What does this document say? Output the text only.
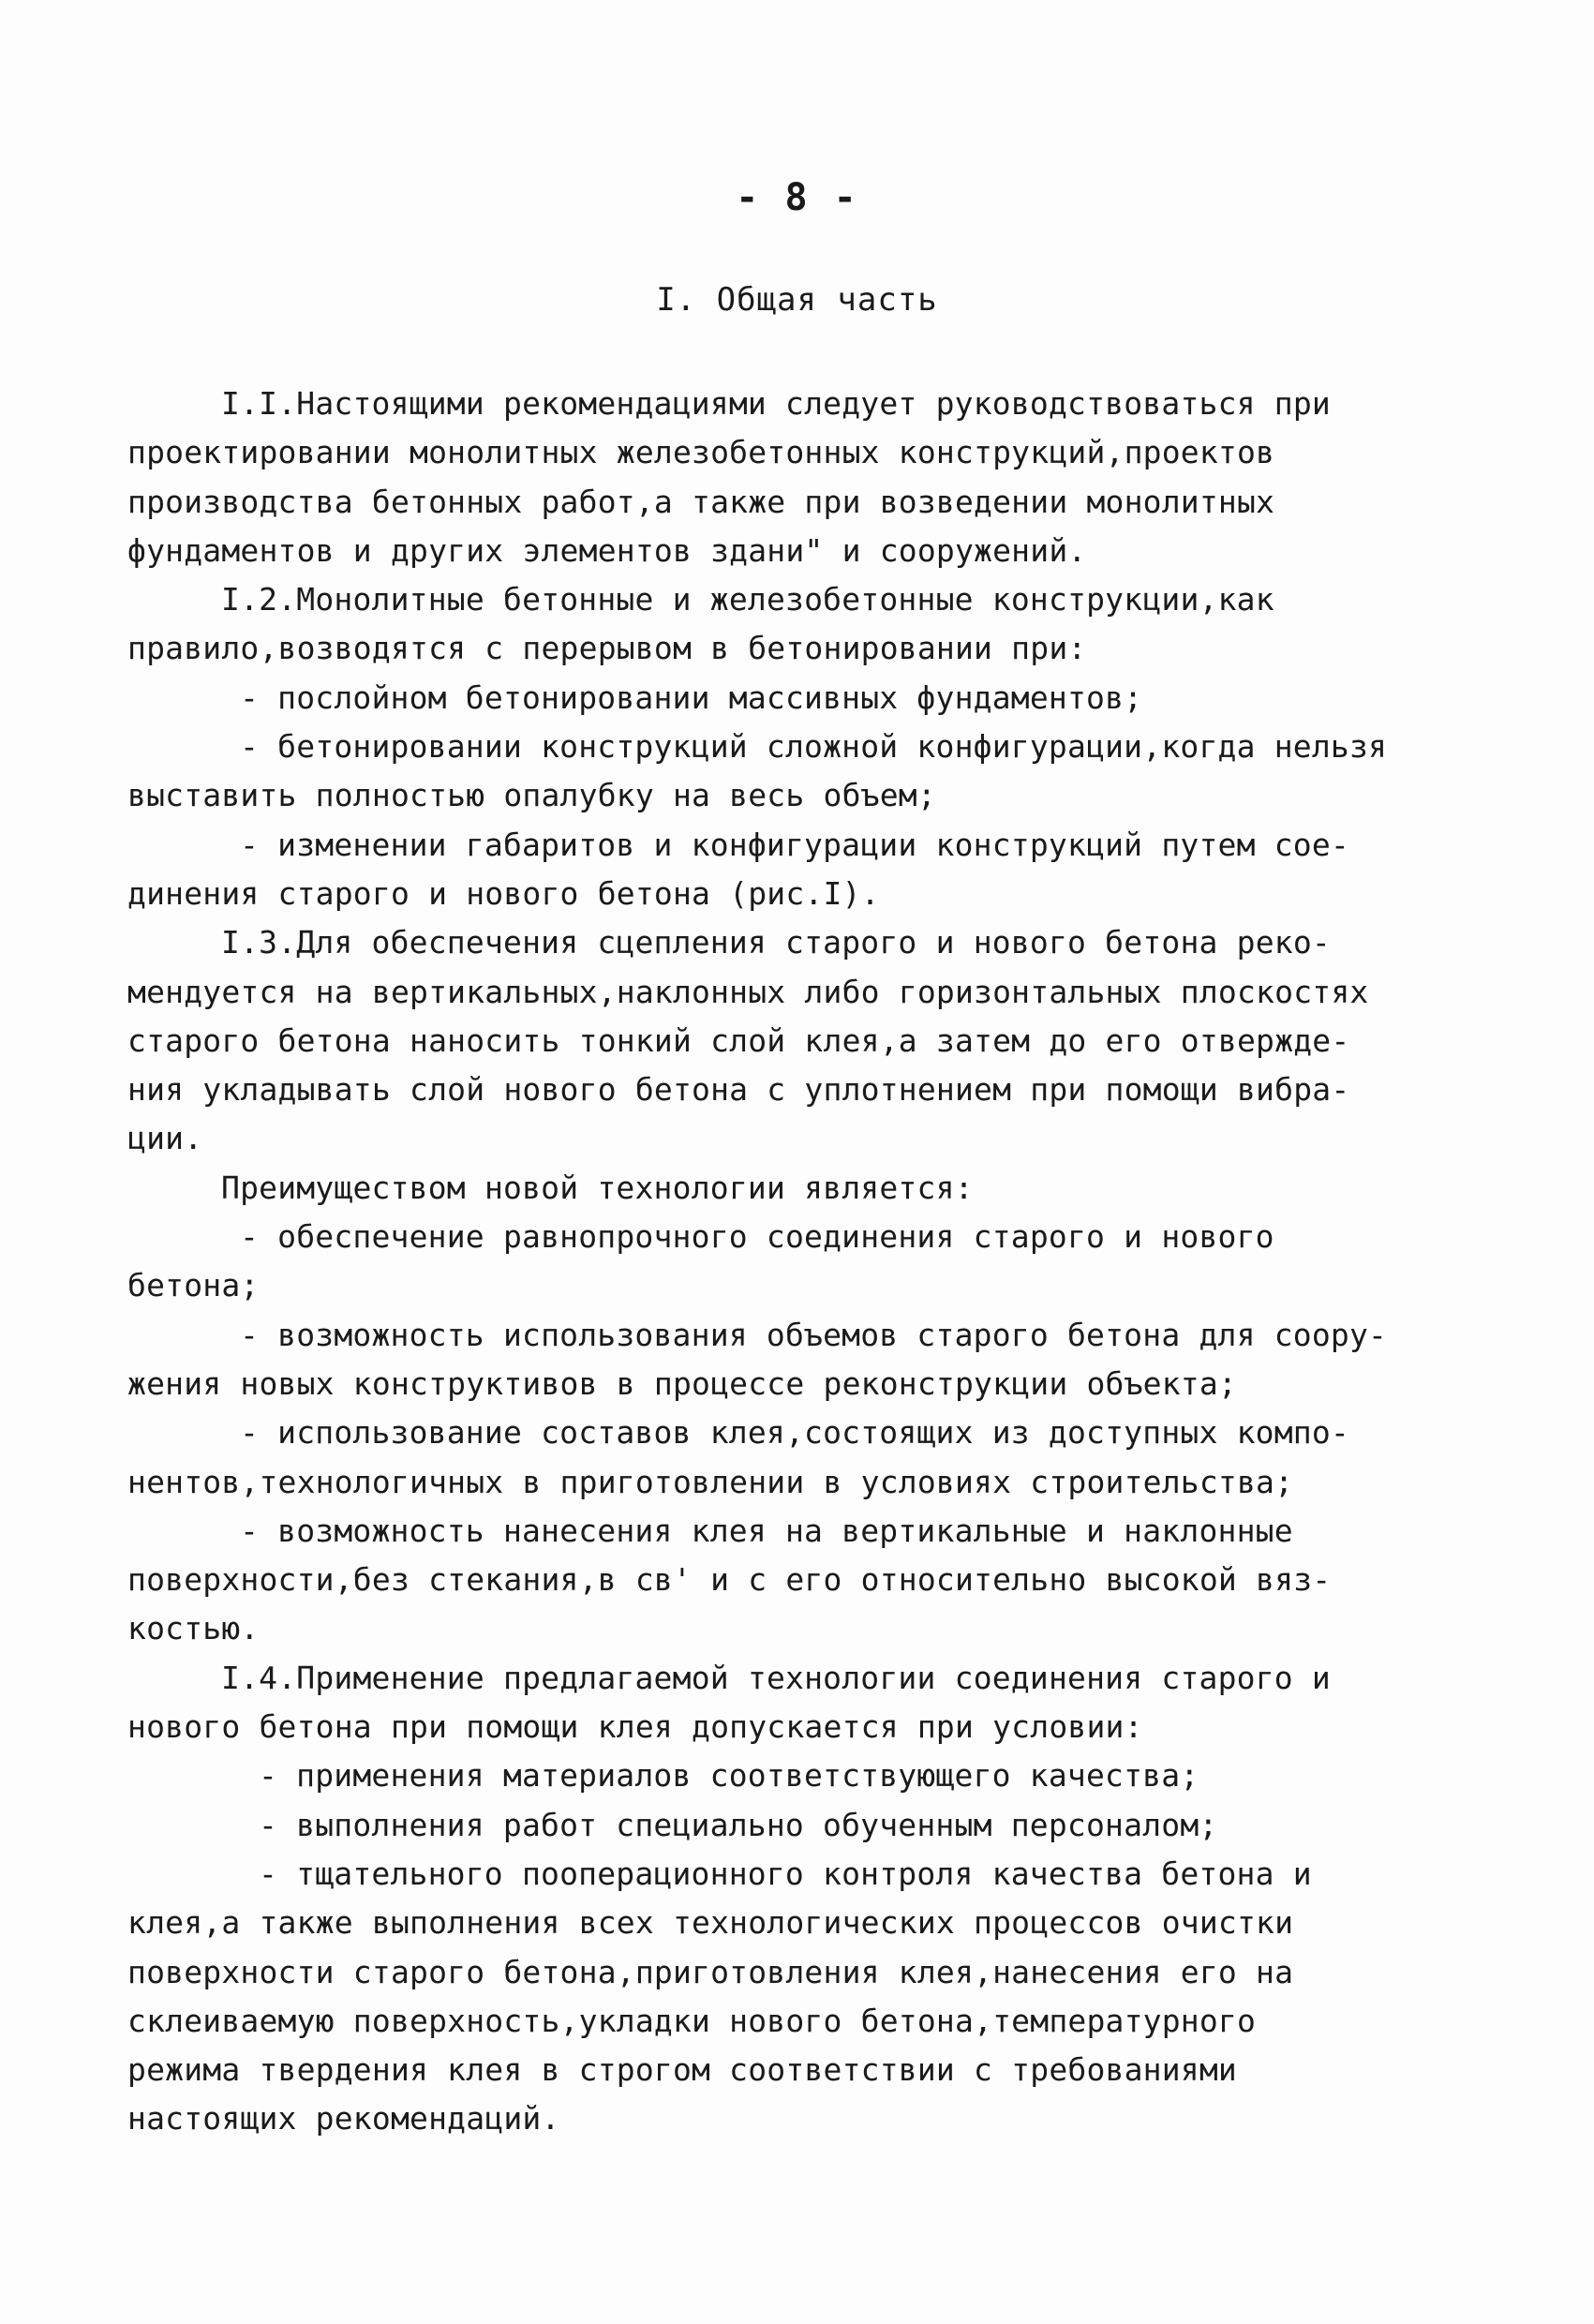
- 8 -
I. Общая часть
I.I.Настоящими рекомендациями следует руководствоваться при
проектировании монолитных железобетонных конструкций,проектов
производства бетонных работ,а также при возведении монолитных
фундаментов и других элементов здани" и сооружений.
I.2.Монолитные бетонные и железобетонные конструкции,как
правило,возводятся с перерывом в бетонировании при:
- послойном бетонировании массивных фундаментов;
- бетонировании конструкций сложной конфигурации,когда нельзя
выставить полностью опалубку на весь объем;
- изменении габаритов и конфигурации конструкций путем сое-
динения старого и нового бетона (рис.I).
I.3.Для обеспечения сцепления старого и нового бетона реко-
мендуется на вертикальных,наклонных либо горизонтальных плоскостях
старого бетона наносить тонкий слой клея,а затем до его отвержде-
ния укладывать слой нового бетона с уплотнением при помощи вибра-
ции.
Преимуществом новой технологии является:
- обеспечение равнопрочного соединения старого и нового
бетона;
- возможность использования объемов старого бетона для соору-
жения новых конструктивов в процессе реконструкции объекта;
- использование составов клея,состоящих из доступных компо-
нентов,технологичных в приготовлении в условиях строительства;
- возможность нанесения клея на вертикальные и наклонные
поверхности,без стекания,в св' и с его относительно высокой вяз-
костью.
I.4.Применение предлагаемой технологии соединения старого и
нового бетона при помощи клея допускается при условии:
- применения материалов соответствующего качества;
- выполнения работ специально обученным персоналом;
- тщательного пооперационного контроля качества бетона и
клея,а также выполнения всех технологических процессов очистки
поверхности старого бетона,приготовления клея,нанесения его на
склеиваемую поверхность,укладки нового бетона,температурного
режима твердения клея в строгом соответствии с требованиями
настоящих рекомендаций.
